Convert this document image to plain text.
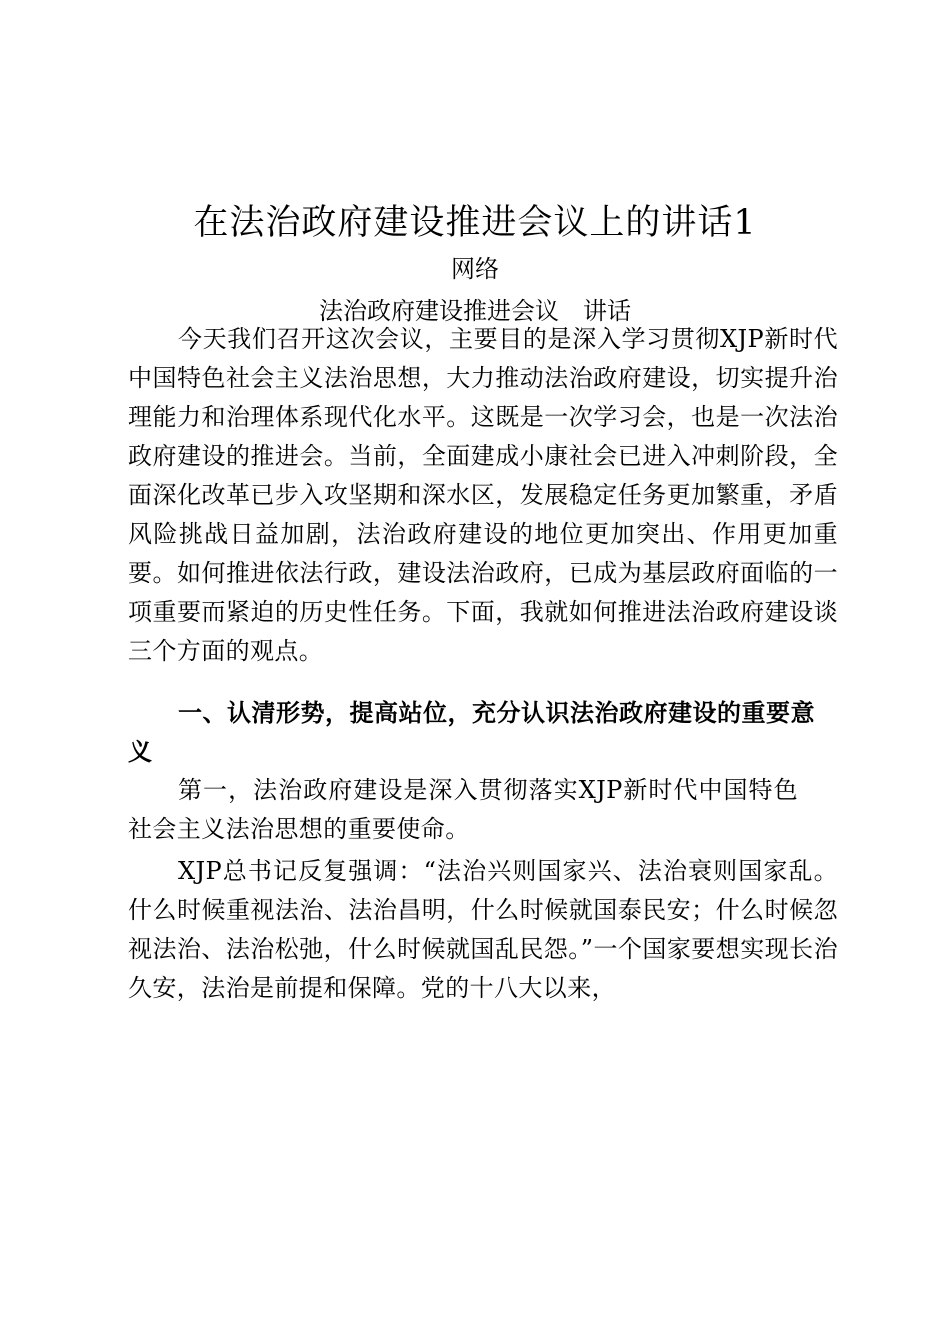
在法治政府建设推进会议上的讲话1
网络
法治政府建设推进会议　讲话

今天我们召开这次会议，主要目的是深入学习贯彻XJP新时代中国特色社会主义法治思想，大力推动法治政府建设，切实提升治理能力和治理体系现代化水平。这既是一次学习会，也是一次法治政府建设的推进会。当前，全面建成小康社会已进入冲刺阶段，全面深化改革已步入攻坚期和深水区，发展稳定任务更加繁重，矛盾风险挑战日益加剧，法治政府建设的地位更加突出、作用更加重要。如何推进依法行政，建设法治政府，已成为基层政府面临的一项重要而紧迫的历史性任务。下面，我就如何推进法治政府建设谈三个方面的观点。

一、认清形势，提高站位，充分认识法治政府建设的重要意义

第一，法治政府建设是深入贯彻落实XJP新时代中国特色社会主义法治思想的重要使命。

XJP总书记反复强调：“法治兴则国家兴、法治衰则国家乱。什么时候重视法治、法治昌明，什么时候就国泰民安；什么时候忽视法治、法治松弛，什么时候就国乱民怨。”一个国家要想实现长治久安，法治是前提和保障。党的十八大以来，
